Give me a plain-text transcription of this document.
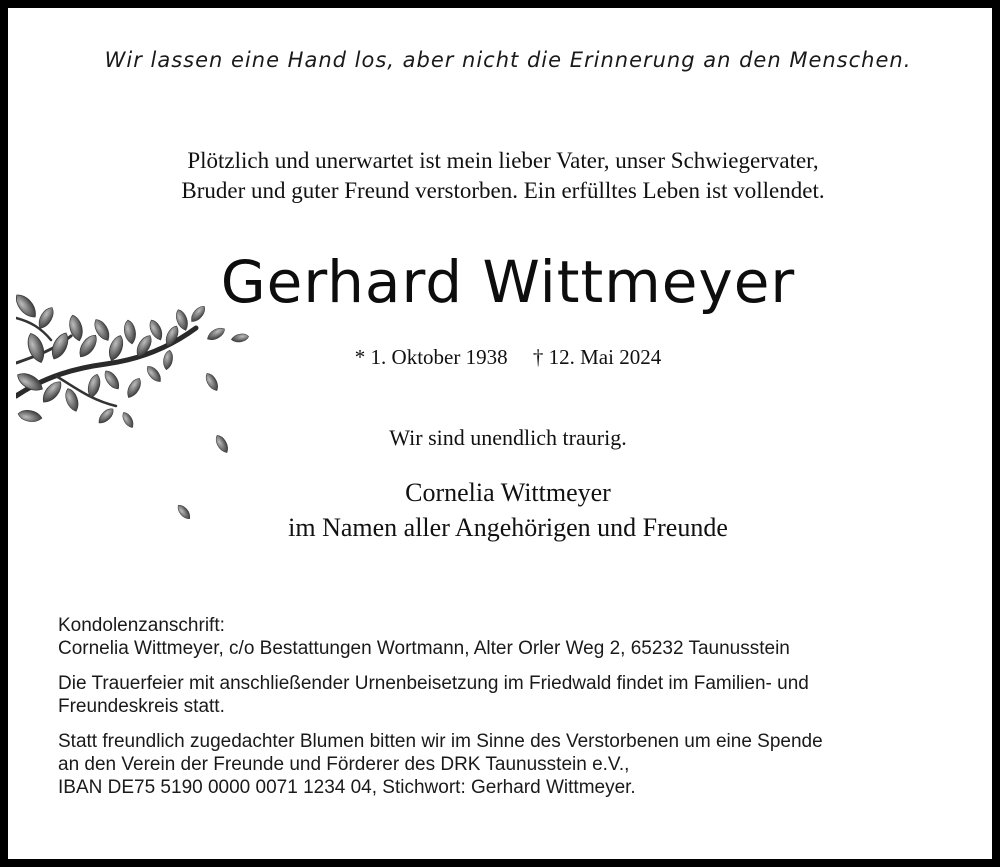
Wir lassen eine Hand los, aber nicht die Erinnerung an den Menschen.
Plötzlich und unerwartet ist mein lieber Vater, unser Schwiegervater,
Bruder und guter Freund verstorben. Ein erfülltes Leben ist vollendet.
Gerhard Wittmeyer
* 1. Oktober 1938 † 12. Mai 2024
Wir sind unendlich traurig.
Cornelia Wittmeyer
im Namen aller Angehörigen und Freunde

Kondolenzanschrift:
Cornelia Wittmeyer, c/o Bestattungen Wortmann, Alter Orler Weg 2, 65232 Taunusstein

Die Trauerfeier mit anschließender Urnenbeisetzung im Friedwald findet im Familien- und
Freundeskreis statt.

Statt freundlich zugedachter Blumen bitten wir im Sinne des Verstorbenen um eine Spende
an den Verein der Freunde und Förderer des DRK Taunusstein e.V.,
IBAN DE75 5190 0000 0071 1234 04, Stichwort: Gerhard Wittmeyer.
